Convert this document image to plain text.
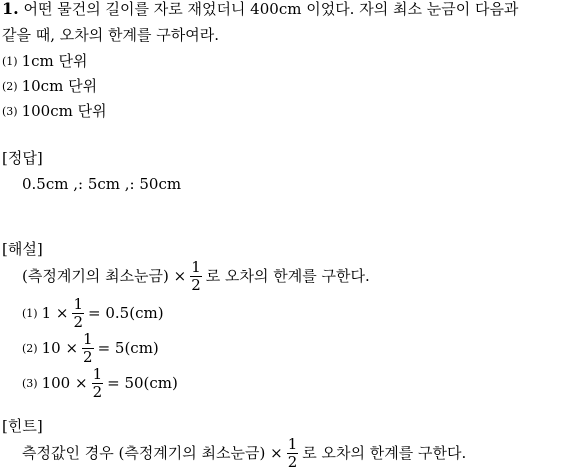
1. 어떤 물건의 길이를 자로 재었더니 400cm 이었다. 자의 최소 눈금이 다음과
같을 때, 오차의 한계를 구하여라.
(1) 1cm 단위
(2) 10cm 단위
(3) 100cm 단위
[정답]
0.5cm ,: 5cm ,: 50cm
[해설]
(측정계기의 최소눈금) × $\frac{1}{2}$ 로 오차의 한계를 구한다.
(1) $1 \times \frac{1}{2} = 0.5(cm)$
(2) $10 \times \frac{1}{2} = 5(cm)$
(3) $100 \times \frac{1}{2} = 50(cm)$
[힌트]
측정값인 경우 (측정계기의 최소눈금) × $\frac{1}{2}$ 로 오차의 한계를 구한다.
